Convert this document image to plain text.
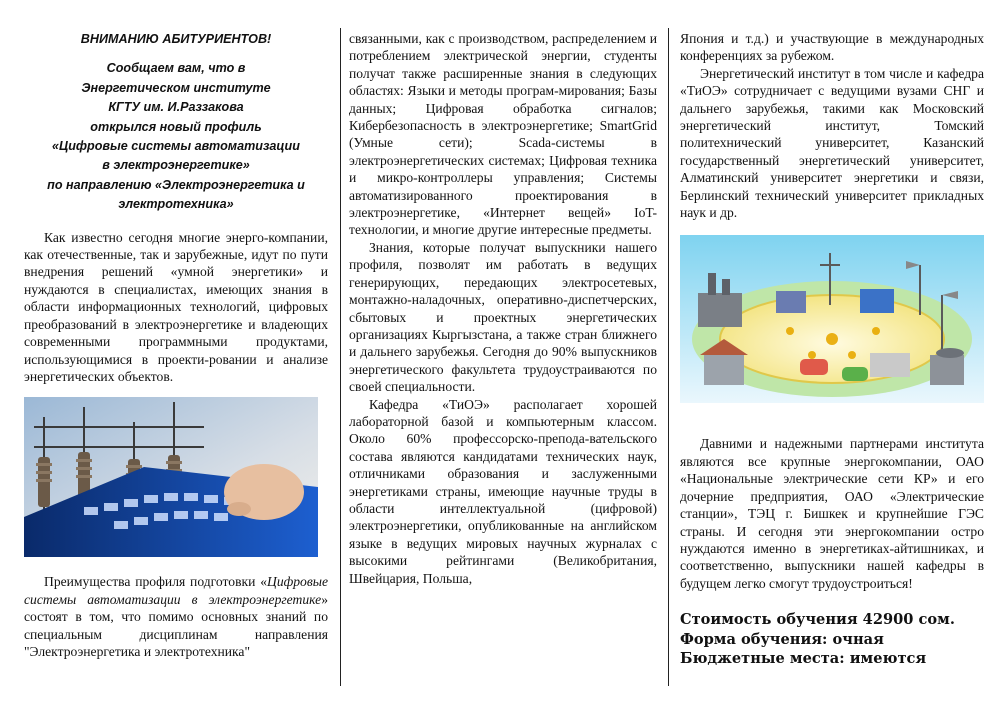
ВНИМАНИЮ АБИТУРИЕНТОВ!

Сообщаем вам, что в

Энергетическом институте

КГТУ им. И.Раззакова

открылся новый профиль

«Цифровые системы автоматизации

в электроэнергетике»

по направлению «Электроэнергетика и

электротехника»

Как известно сегодня многие энерго-компании, как отечественные, так и зарубежные, идут по пути внедрения решений «умной энергетики» и нуждаются в специалистах, имеющих знания в области информационных технологий, цифровых преобразований в электроэнергетике и владеющих современными программными продуктами, использующимися в проекти-ровании и анализе энергетических объектов.

Преимущества профиля подготовки «Цифровые системы автоматизации в электроэнергетике» состоят в том, что помимо основных знаний по специальным дисциплинам направления "Электроэнергетика и электротехника"

связанными, как с производством, распределением и потреблением электрической энергии, студенты получат также расширенные знания в следующих областях: Языки и методы програм-мирования; Базы данных; Цифровая обработка сигналов; Кибербезопасность в электроэнергетике; SmartGrid (Умные сети); Scada-системы в электроэнергетических системах; Цифровая техника и микро-контроллеры управления; Системы автоматизированного проектирования в электроэнергетике, «Интернет вещей» IoT-технологии, и многие другие интересные предметы.

Знания, которые получат выпускники нашего профиля, позволят им работать в ведущих генерирующих, передающих электросетевых, монтажно-наладочных, оперативно-диспетчерских, сбытовых и проектных энергетических организациях Кыргызстана, а также стран ближнего и дальнего зарубежья. Сегодня до 90% выпускников энергетического факультета трудоустраиваются по своей специальности.

Кафедра «ТиОЭ» располагает хорошей лабораторной базой и компьютерным классом. Около 60% профессорско-препода-вательского состава являются кандидатами технических наук, отличниками образования и заслуженными энергетиками страны, имеющие научные труды в области интеллектуальной (цифровой) электроэнергетики, опубликованные на английском языке в ведущих мировых научных журналах с высокими рейтингами (Великобритания, Швейцария, Польша,

Япония и т.д.) и участвующие в международных конференциях за рубежом.

Энергетический институт в том числе и кафедра «ТиОЭ» сотрудничает с ведущими вузами СНГ и дальнего зарубежья, такими как Московский энергетический институт, Томский политехнический университет, Казанский государственный энергетический университет, Алматинский университет энергетики и связи, Берлинский технический университет прикладных наук и др.

Давними и надежными партнерами института являются все крупные энергокомпании, ОАО «Национальные электрические сети КР» и его дочерние предприятия, ОАО «Электрические станции», ТЭЦ г. Бишкек и крупнейшие ГЭС страны. И сегодня эти энергокомпании остро нуждаются именно в энергетиках-айтишниках, и соответственно, выпускники нашей кафедры в будущем легко смогут трудоустроиться!

Стоимость обучения 42900 сом.

Форма обучения: очная

Бюджетные места: имеются
